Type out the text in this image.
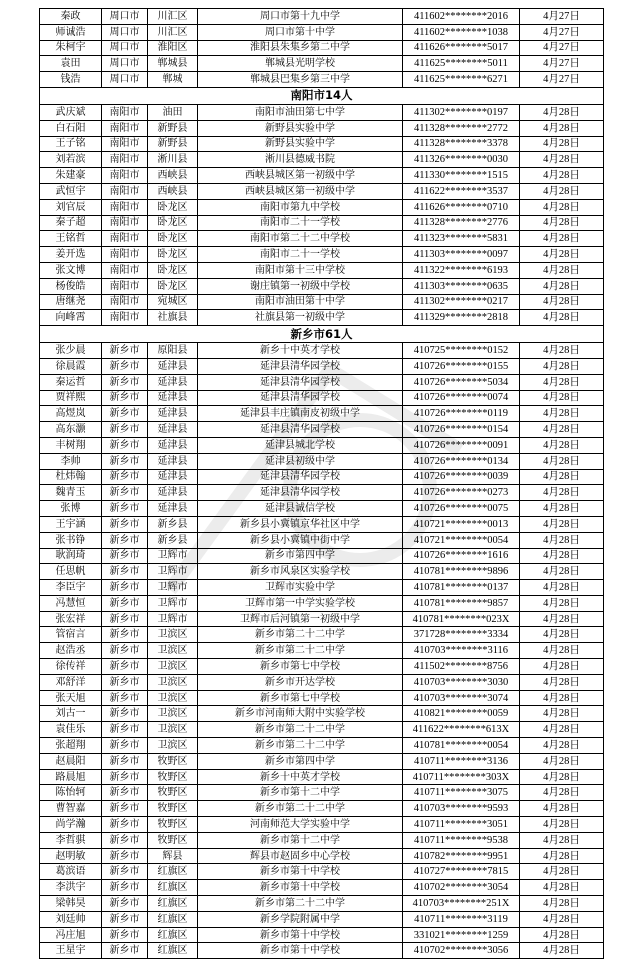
秦政	周口市	川汇区	周口市第十九中学	411602********2016	4月27日
师诚浩	周口市	川汇区	周口市第十中学	411602********1038	4月27日
朱柯宇	周口市	淮阳区	淮阳县朱集乡第二中学	411626********5017	4月27日
袁田	周口市	郸城县	郸城县光明学校	411625********5011	4月27日
钱浩	周口市	郸城	郸城县巴集乡第三中学	411625********6271	4月27日
南阳市14人					
武庆斌	南阳市	油田	南阳市油田第七中学	411302********0197	4月28日
白石阳	南阳市	新野县	新野县实验中学	411328********2772	4月28日
王子铭	南阳市	新野县	新野县实验中学	411328********3378	4月28日
刘若滨	南阳市	淅川县	淅川县德威书院	411326********0030	4月28日
朱建豪	南阳市	西峡县	西峡县城区第一初级中学	411330********1515	4月28日
武恒宇	南阳市	西峡县	西峡县城区第一初级中学	411622********3537	4月28日
刘官辰	南阳市	卧龙区	南阳市第九中学校	411626********0710	4月28日
秦子超	南阳市	卧龙区	南阳市二十一学校	411328********2776	4月28日
王铭哲	南阳市	卧龙区	南阳市第二十二中学校	411323********5831	4月28日
姜开选	南阳市	卧龙区	南阳市二十一学校	411303********0097	4月28日
张文博	南阳市	卧龙区	南阳市第十三中学校	411322********6193	4月28日
杨俊皓	南阳市	卧龙区	谢庄镇第一初级中学校	411303********0635	4月28日
唐继尧	南阳市	宛城区	南阳市油田第十中学	411302********0217	4月28日
向峰霄	南阳市	社旗县	社旗县第一初级中学	411329********2818	4月28日
新乡市61人					
张少晨	新乡市	原阳县	新乡十中英才学校	410725********0152	4月28日
徐晨霞	新乡市	延津县	延津县清华园学校	410726********0155	4月28日
秦运哲	新乡市	延津县	延津县清华园学校	410726********5034	4月28日
贾祥熙	新乡市	延津县	延津县清华园学校	410726********0074	4月28日
高煜岚	新乡市	延津县	延津县丰庄镇南皮初级中学	410726********0119	4月28日
高东灏	新乡市	延津县	延津县清华园学校	410726********0154	4月28日
丰树翔	新乡市	延津县	延津县城北学校	410726********0091	4月28日
李帅	新乡市	延津县	延津县初级中学	410726********0134	4月28日
杜炜翰	新乡市	延津县	延津县清华园学校	410726********0039	4月28日
魏青玉	新乡市	延津县	延津县清华园学校	410726********0273	4月28日
张博	新乡市	延津县	延津县诚信学校	410726********0075	4月28日
王宇涵	新乡市	新乡县	新乡县小冀镇京华社区中学	410721********0013	4月28日
张书铮	新乡市	新乡县	新乡县小冀镇中街中学	410721********0054	4月28日
耿润琦	新乡市	卫辉市	新乡市第四中学	410726********1616	4月28日
任思帆	新乡市	卫辉市	新乡市风泉区实验学校	410781********9896	4月28日
李臣宇	新乡市	卫辉市	卫辉市实验中学	410781********0137	4月28日
冯慧恒	新乡市	卫辉市	卫辉市第一中学实验学校	410781********9857	4月28日
张宏祥	新乡市	卫辉市	卫辉市后河镇第一初级中学	410781********023X	4月28日
管宿言	新乡市	卫滨区	新乡市第二十二中学	371728********3334	4月28日
赵浩丞	新乡市	卫滨区	新乡市第二十二中学	410703********3116	4月28日
徐传祥	新乡市	卫滨区	新乡市第七中学校	411502********8756	4月28日
邓舒洋	新乡市	卫滨区	新乡市开达学校	410703********3030	4月28日
张天旭	新乡市	卫滨区	新乡市第七中学校	410703********3074	4月28日
刘古一	新乡市	卫滨区	新乡市河南师大附中实验学校	410821********0059	4月28日
袁佳乐	新乡市	卫滨区	新乡市第二十二中学	411622********613X	4月28日
张超翔	新乡市	卫滨区	新乡市第二十二中学	410781********0054	4月28日
赵晨阳	新乡市	牧野区	新乡市第四中学	410711********3136	4月28日
路晨旭	新乡市	牧野区	新乡十中英才学校	410711********303X	4月28日
陈怡轲	新乡市	牧野区	新乡市第十二中学	410711********3075	4月28日
曹智嘉	新乡市	牧野区	新乡市第二十二中学	410703********9593	4月28日
尚学瀚	新乡市	牧野区	河南师范大学实验中学	410711********3051	4月28日
李哲骐	新乡市	牧野区	新乡市第十二中学	410711********9538	4月28日
赵明敏	新乡市	辉县	辉县市赵固乡中心学校	410782********9951	4月28日
葛滨语	新乡市	红旗区	新乡市第十中学校	410727********7815	4月28日
李洪宇	新乡市	红旗区	新乡市第十中学校	410702********3054	4月28日
梁韩昊	新乡市	红旗区	新乡市第二十二中学	410703********251X	4月28日
刘廷帅	新乡市	红旗区	新乡学院附属中学	410711********3119	4月28日
冯庄旭	新乡市	红旗区	新乡市第十中学校	331021********1259	4月28日
王星宇	新乡市	红旗区	新乡市第十中学校	410702********3056	4月28日
